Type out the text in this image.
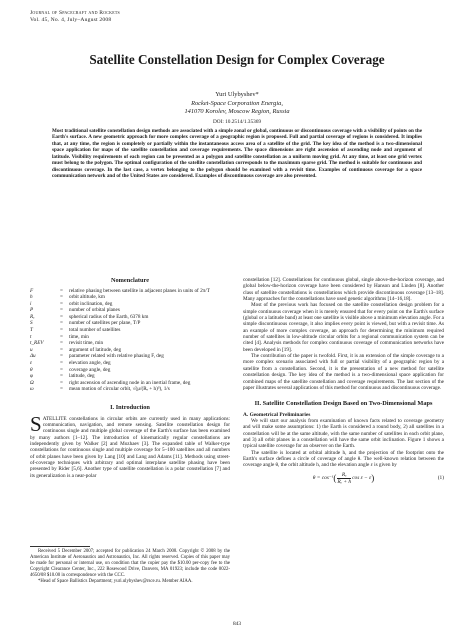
Journal of Spacecraft and Rockets
Vol. 45, No. 4, July–August 2008
Satellite Constellation Design for Complex Coverage
Yuri Ulybyshev*
Rocket-Space Corporation Energia,
141070 Korolev, Moscow Region, Russia
DOI: 10.2514/1.35369
Most traditional satellite constellation design methods are associated with a simple zonal or global, continuous or discontinuous coverage with a visibility of points on the Earth's surface. A new geometric approach for more complex coverage of a geographic region is proposed. Full and partial coverage of regions is considered. It implies that, at any time, the region is completely or partially within the instantaneous access area of a satellite of the grid. The key idea of the method is a two-dimensional space application for maps of the satellite constellation and coverage requirements. The space dimensions are right ascension of ascending node and argument of latitude. Visibility requirements of each region can be presented as a polygon and satellite constellation as a uniform moving grid. At any time, at least one grid vertex must belong to the polygon. The optimal configuration of the satellite constellation corresponds to the maximum sparse grid. The method is suitable for continuous and discontinuous coverage. In the last case, a vertex belonging to the polygon should be examined with a revisit time. Examples of continuous coverage for a space communication network and of the United States are considered. Examples of discontinuous coverage are also presented.
Nomenclature
F	=	relative phasing between satellite in adjacent planes in units of 2π/T
h	=	orbit altitude, km
i	=	orbit inclination, deg
P	=	number of orbital planes
Rₑ	=	spherical radius of the Earth, 6378 km
S	=	number of satellites per plane, T/P
T	=	total number of satellites
t	=	time, min
t_REV	=	revisit time, min
u	=	argument of latitude, deg
Δu	=	parameter related with relative phasing F, deg
ε	=	elevation angle, deg
θ	=	coverage angle, deg
φ	=	latitude, deg
Ω	=	right ascension of ascending node in an inertial frame, deg
ω	=	mean motion of circular orbit, √(μ/(Rₑ + h)³), 1/s
I. Introduction

SATELLITE constellations in circular orbits are currently used in many applications: communication, navigation, and remote sensing. Satellite constellation design for continuous single and multiple global coverage of the Earth's surface has been examined by many authors [1–12]. The introduction of kinematically regular constellations are independently given by Walker [2] and Mozhaev [3]. The expanded table of Walker-type constellations for continuous single and multiple coverage for 5–100 satellites and all numbers of orbit planes have been given by Lang [10] and Lang and Adams [11]. Methods using street-of-coverage techniques with arbitrary and optimal interplane satellite phasing have been presented by Rider [5,6]. Another type of satellite constellation is a polar constellation [7] and its generalization is a near-polar

Received 5 December 2007; accepted for publication 24 March 2008. Copyright © 2008 by the American Institute of Aeronautics and Astronautics, Inc. All rights reserved. Copies of this paper may be made for personal or internal use, on condition that the copier pay the $10.00 per-copy fee to the Copyright Clearance Center, Inc., 222 Rosewood Drive, Danvers, MA 01923; include the code 0022-4650/08 $10.00 in correspondence with the CCC.

*Head of Space Ballistics Department; yuri.ulybyshev@rsce.ru. Member AIAA.

constellation [12]. Constellations for continuous global, single above-the-horizon coverage, and global below-the-horizon coverage have been considered by Hanson and Linden [8]. Another class of satellite constellations is constellations which provide discontinuous coverage [13–18]. Many approaches for the constellations have used genetic algorithms [14–16,18].

Most of the previous work has focused on the satellite constellation design problem for a simple continuous coverage when it is merely ensured that for every point on the Earth's surface (global or a latitude band) at least one satellite is visible above a minimum elevation angle. For a simple discontinuous coverage, it also implies every point is viewed, but with a revisit time. As an example of more complex coverage, an approach for determining the minimum required number of satellites in low-altitude circular orbits for a regional communication system can be cited [4]. Analysis methods for complex continuous coverage of communication networks have been developed in [19].

The contribution of the paper is twofold. First, it is an extension of the simple coverage to a more complex scenario associated with full or partial visibility of a geographic region by a satellite from a constellation. Second, it is the presentation of a new method for satellite constellation design. The key idea of the method is a two-dimensional space application for combined maps of the satellite constellation and coverage requirements. The last section of the paper illustrates several applications of this method for continuous and discontinuous coverage.

II. Satellite Constellation Design Based on Two-Dimensional Maps
A. Geometrical Preliminaries

We will start our analysis from examination of known facts related to coverage geometry and will make some assumptions: 1) the Earth is considered a round body, 2) all satellites in a constellation will be at the same altitude, with the same number of satellites in each orbit plane, and 3) all orbit planes in a constellation will have the same orbit inclination. Figure 1 shows a typical satellite coverage for an observer on the Earth.

The satellite is located at orbital altitude h, and the projection of the footprint onto the Earth's surface defines a circle of coverage of angle θ. The well-known relation between the coverage angle θ, the orbit altitude h, and the elevation angle ε is given by

θ = cos⁻¹ ( $\frac{\text{Rₑ}}{\text{Rₑ + h}}$ cos ε − ε )	(1)
843
